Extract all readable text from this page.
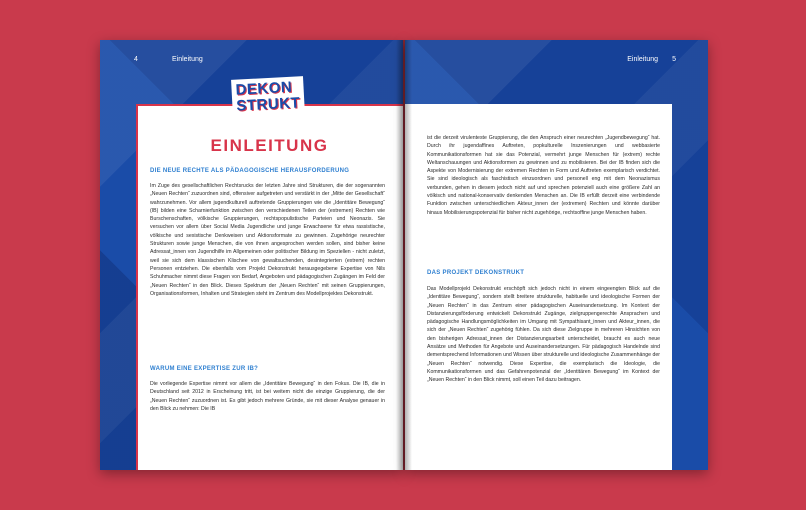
4	Einleitung
DEKON
STRUKT
EINLEITUNG
DIE NEUE RECHTE ALS PÄDAGOGISCHE HERAUSFORDERUNG
Im Zuge des gesellschaftlichen Rechtsrucks der letzten Jahre sind Strukturen, die der sogenannten „Neuen Rechten“ zuzuordnen sind, offensiver aufgetreten und verstärkt in der „Mitte der Gesellschaft“ wahrzunehmen. Vor allem jugendkulturell auftretende Gruppierungen wie die „Identitäre Bewegung“ (IB) bilden eine Scharnierfunktion zwischen den verschiedenen Teilen der (extremen) Rechten wie Burschenschaften, völkische Gruppierungen, rechtspopulistische Parteien und Neonazis. Sie versuchen vor allem über Social Media Jugendliche und junge Erwachsene für etwa rassistische, völkische und sexistische Denkweisen und Aktionsformate zu gewinnen. Zugehörige neurechter Strukturen sowie junge Menschen, die von ihnen angesprochen werden sollen, sind bisher keine Adressat_innen von Jugendhilfe im Allgemeinen oder politischer Bildung im Speziellen - nicht zuletzt, weil sie sich dem klassischen Klischee von gewaltsuchenden, desintegrierten (extrem) rechten Personen entziehen. Die ebenfalls vom Projekt Dekonstrukt herausgegebene Expertise von Nils Schuhmacher nimmt diese Fragen von Bedarf, Angeboten und pädagogischen Zugängen im Feld der „Neuen Rechten“ in den Blick. Dieses Spektrum der „Neuen Rechten“ mit seinen Gruppierungen, Organisationsformen, Inhalten und Strategien steht im Zentrum des Modellprojektes Dekonstrukt.
WARUM EINE EXPERTISE ZUR IB?
Die vorliegende Expertise nimmt vor allem die „Identitäre Bewegung“ in den Fokus. Die IB, die in Deutschland seit 2012 in Erscheinung tritt, ist bei weitem nicht die einzige Gruppierung, die der „Neuen Rechten“ zuzuordnen ist. Es gibt jedoch mehrere Gründe, sie mit dieser Analyse genauer in den Blick zu nehmen: Die IB
Einleitung 5
ist die derzeit virulenteste Gruppierung, die den Anspruch einer neurechten „Jugendbewegung“ hat. Durch ihr jugendaffines Auftreten, popkulturelle Inszenierungen und webbasierte Kommunikationsformen hat sie das Potenzial, vermehrt junge Menschen für (extrem) rechte Weltanschauungen und Aktionsformen zu gewinnen und zu mobilisieren. Bei der IB finden sich die Aspekte von Modernisierung der extremen Rechten in Form und Auftreten exemplarisch verdichtet. Sie sind ideologisch als faschistisch einzuordnen und personell eng mit dem Neonazismus verbunden, gehen in diesem jedoch nicht auf und sprechen potenziell auch eine größere Zahl an völkisch und national-konservativ denkenden Menschen an. Die IB erfüllt derzeit eine verbindende Funktion zwischen unterschiedlichen Akteur_innen der (extremen) Rechten und könnte darüber hinaus Mobilisierungspotenzial für bisher nicht zugehörige, rechtsoffine junge Menschen haben.
DAS PROJEKT DEKONSTRUKT
Das Modellprojekt Dekonstrukt erschöpft sich jedoch nicht in einem eingeengten Blick auf die „Identitäre Bewegung“, sondern stellt breitere strukturelle, habituelle und ideologische Formen der „Neuen Rechten“ in das Zentrum einer pädagogischen Auseinandersetzung. Im Kontext der Distanzierungsförderung entwickelt Dekonstrukt Zugänge, zielgruppengerechte Ansprachen und pädagogische Handlungsmöglichkeiten im Umgang mit Sympathisant_innen und Akteur_innen, die sich der „Neuen Rechten“ zugehörig fühlen. Da sich diese Zielgruppe in mehreren Hinsichten von den bisherigen Adressat_innen der Distanzierungsarbeit unterscheidet, braucht es auch neue Ansätze und Methoden für Angebote und Auseinandersetzungen. Für pädagogisch Handelnde sind dementsprechend Informationen und Wissen über strukturelle und ideologische Zusammenhänge der „Neuen Rechten“ notwendig. Diese Expertise, die exemplarisch die Ideologie, die Kommunikationsformen und das Gefahrenpotenzial der „Identitären Bewegung“ im Kontext der „Neuen Rechten“ in den Blick nimmt, soll einen Teil dazu beitragen.
